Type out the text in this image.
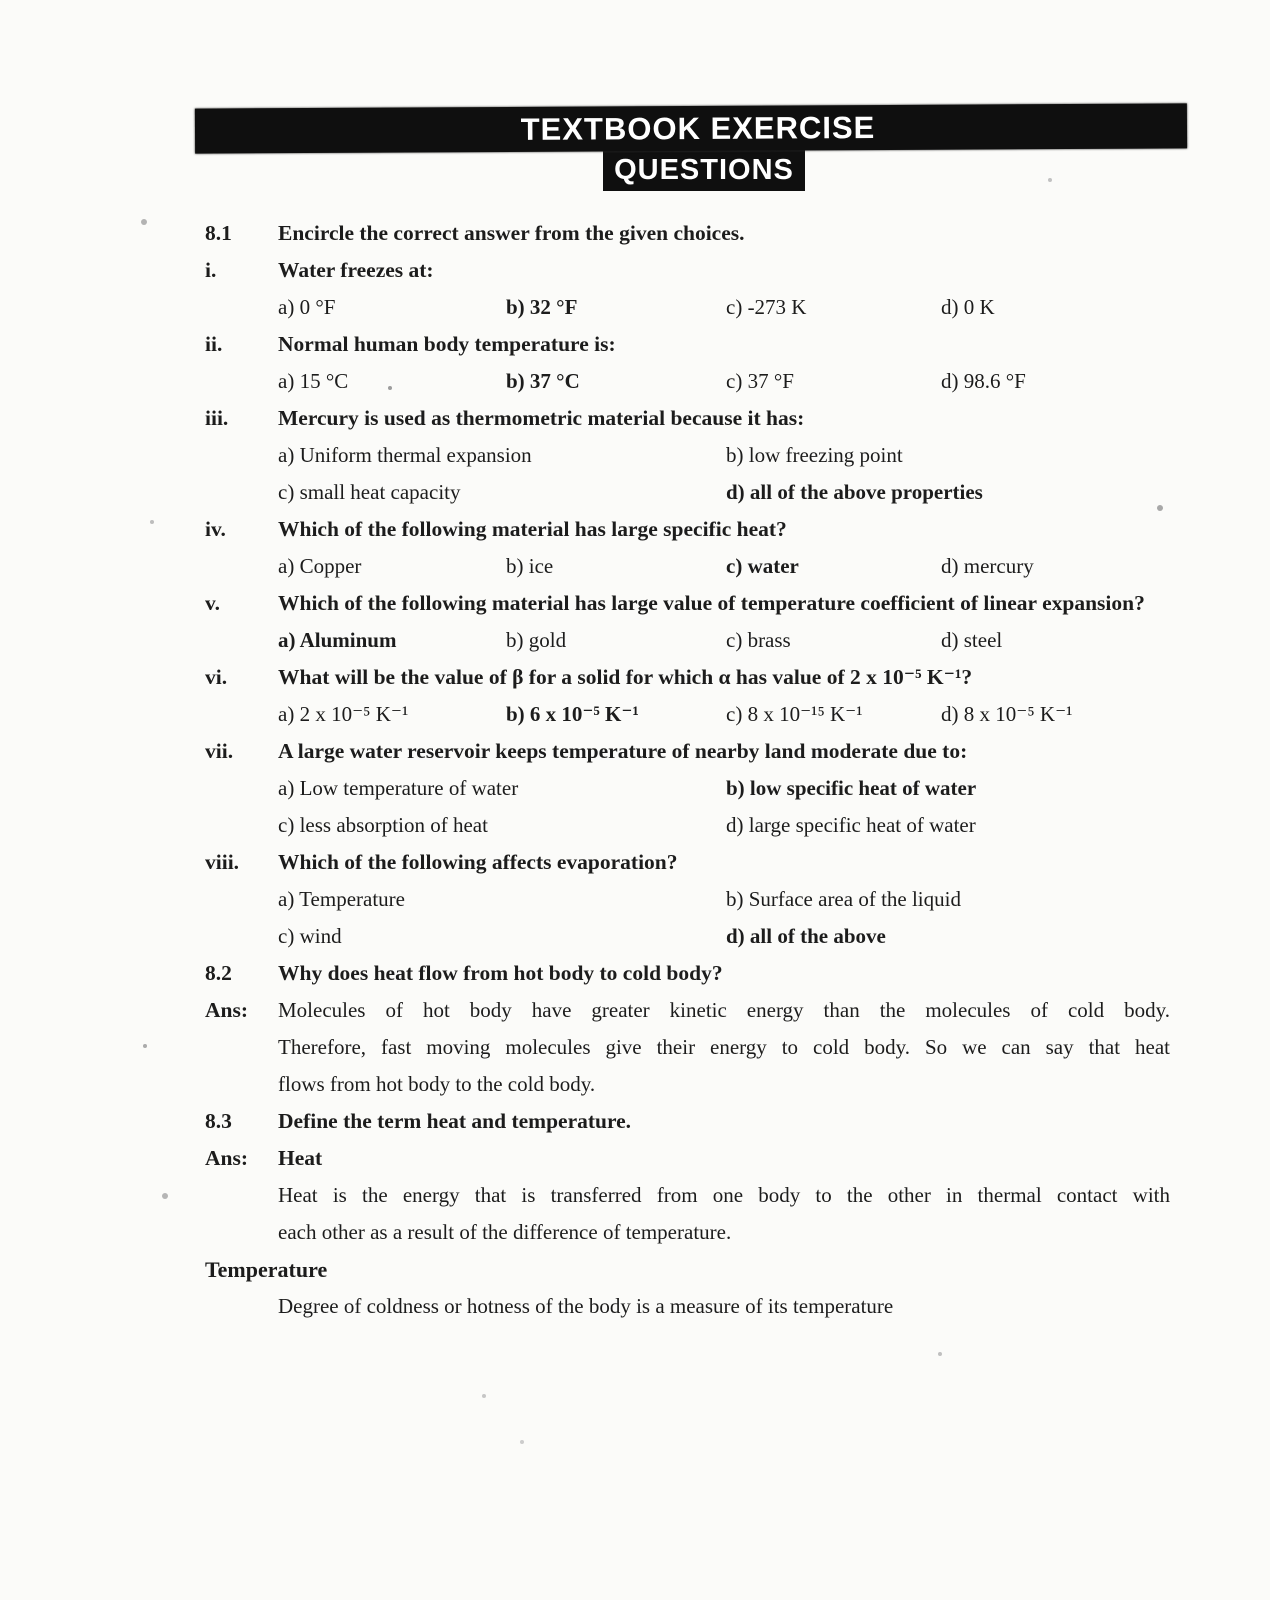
TEXTBOOK EXERCISE
QUESTIONS
8.1	Encircle the correct answer from the given choices.
i.	Water freezes at:
a) 0 °F	b) 32 °F	c) -273 K	d) 0 K
ii.	Normal human body temperature is:
a) 15 °C	b) 37 °C	c) 37 °F	d) 98.6 °F
iii.	Mercury is used as thermometric material because it has:
a) Uniform thermal expansion	b) low freezing point
c) small heat capacity	d) all of the above properties
iv.	Which of the following material has large specific heat?
a) Copper	b) ice	c) water	d) mercury
v.	Which of the following material has large value of temperature coefficient of linear expansion?
a) Aluminum	b) gold	c) brass	d) steel
vi.	What will be the value of β for a solid for which α has value of 2 x 10⁻⁵ K⁻¹?
a) 2 x 10⁻⁵ K⁻¹	b) 6 x 10⁻⁵ K⁻¹	c) 8 x 10⁻¹⁵ K⁻¹	d) 8 x 10⁻⁵ K⁻¹
vii.	A large water reservoir keeps temperature of nearby land moderate due to:
a) Low temperature of water	b) low specific heat of water
c) less absorption of heat	d) large specific heat of water
viii.	Which of the following affects evaporation?
a) Temperature	b) Surface area of the liquid
c) wind	d) all of the above
8.2	Why does heat flow from hot body to cold body?
Ans:	Molecules of hot body have greater kinetic energy than the molecules of cold body.
Therefore, fast moving molecules give their energy to cold body. So we can say that heat
flows from hot body to the cold body.
8.3	Define the term heat and temperature.
Ans:	Heat
Heat is the energy that is transferred from one body to the other in thermal contact with
each other as a result of the difference of temperature.
Temperature
Degree of coldness or hotness of the body is a measure of its temperature
